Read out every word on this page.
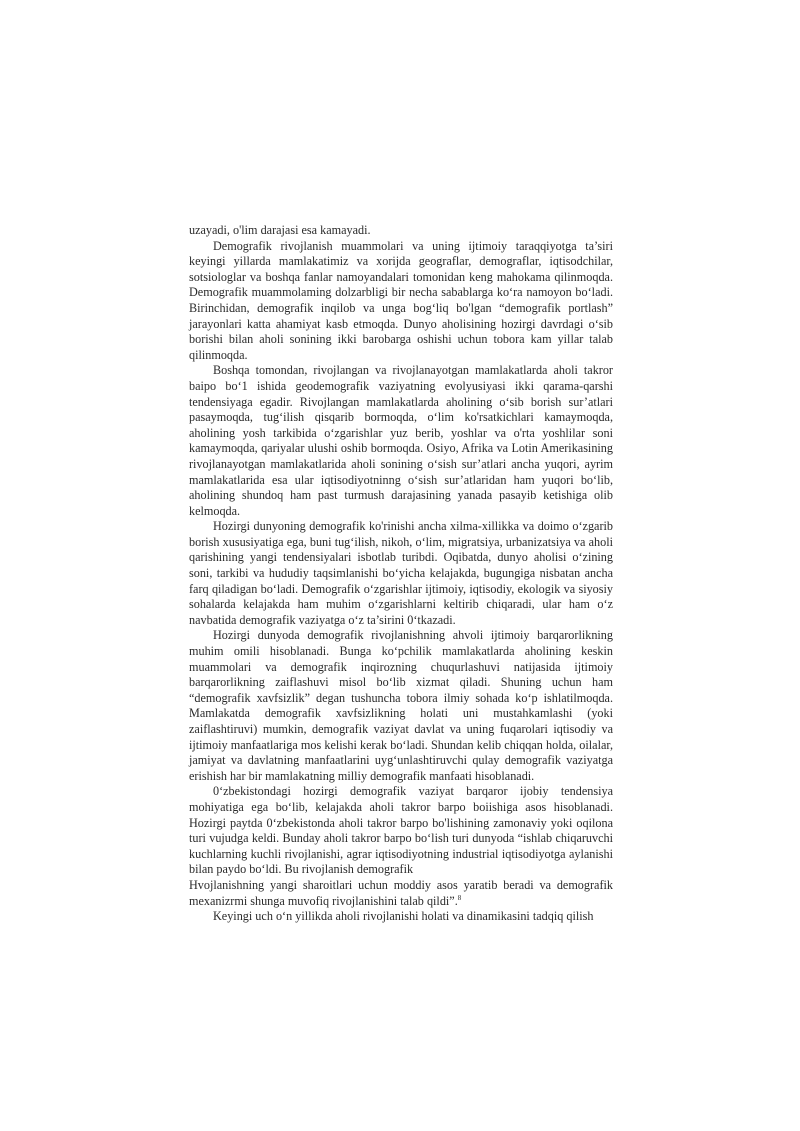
uzayadi, o'lim darajasi esa kamayadi.

Demografik rivojlanish muammolari va uning ijtimoiy taraqqiyotga ta’siri keyingi yillarda mamlakatimiz va xorijda geograflar, demograflar, iqtisodchilar, sotsiologlar va boshqa fanlar namoyandalari tomonidan keng mahokama qilinmoqda. Demografik muammolaming dolzarbligi bir necha sabablarga ko‘ra namoyon bo‘ladi. Birinchidan, demografik inqilob va unga bog‘liq bo'lgan “demografik portlash” jarayonlari katta ahamiyat kasb etmoqda. Dunyo aholisining hozirgi davrdagi o‘sib borishi bilan aholi sonining ikki barobarga oshishi uchun tobora kam yillar talab qilinmoqda.

Boshqa tomondan, rivojlangan va rivojlanayotgan mamlakatlarda aholi takror baipo bo‘1 ishida geodemografik vaziyatning evolyusiyasi ikki qarama-qarshi tendensiyaga egadir. Rivojlangan mamlakatlarda aholining o‘sib borish sur’atlari pasaymoqda, tug‘ilish qisqarib bormoqda, o‘lim ko'rsatkichlari kamaymoqda, aholining yosh tarkibida o‘zgarishlar yuz berib, yoshlar va o'rta yoshlilar soni kamaymoqda, qariyalar ulushi oshib bormoqda. Osiyo, Afrika va Lotin Amerikasining rivojlanayotgan mamlakatlarida aholi sonining o‘sish sur’atlari ancha yuqori, ayrim mamlakatlarida esa ular iqtisodiyotninng o‘sish sur’atlaridan ham yuqori bo‘lib, aholining shundoq ham past turmush darajasining yanada pasayib ketishiga olib kelmoqda.

Hozirgi dunyoning demografik ko'rinishi ancha xilma-xillikka va doimo o‘zgarib borish xususiyatiga ega, buni tug‘ilish, nikoh, o‘lim, migratsiya, urbanizatsiya va aholi qarishining yangi tendensiyalari isbotlab turibdi. Oqibatda, dunyo aholisi o‘zining soni, tarkibi va hududiy taqsimlanishi bo‘yicha kelajakda, bugungiga nisbatan ancha farq qiladigan bo‘ladi. Demografik o‘zgarishlar ijtimoiy, iqtisodiy, ekologik va siyosiy sohalarda kelajakda ham muhim o‘zgarishlarni keltirib chiqaradi, ular ham o‘z navbatida demografik vaziyatga o‘z ta’sirini 0‘tkazadi.

Hozirgi dunyoda demografik rivojlanishning ahvoli ijtimoiy barqarorlikning muhim omili hisoblanadi. Bunga ko‘pchilik mamlakatlarda aholining keskin muammolari va demografik inqirozning chuqurlashuvi natijasida ijtimoiy barqarorlikning zaiflashuvi misol bo‘lib xizmat qiladi. Shuning uchun ham “demografik xavfsizlik” degan tushuncha tobora ilmiy sohada ko‘p ishlatilmoqda. Mamlakatda demografik xavfsizlikning holati uni mustahkamlashi (yoki zaiflashtiruvi) mumkin, demografik vaziyat davlat va uning fuqarolari iqtisodiy va ijtimoiy manfaatlariga mos kelishi kerak bo‘ladi. Shundan kelib chiqqan holda, oilalar, jamiyat va davlatning manfaatlarini uyg‘unlashtiruvchi qulay demografik vaziyatga erishish har bir mamlakatning milliy demografik manfaati hisoblanadi.

0‘zbekistondagi hozirgi demografik vaziyat barqaror ijobiy tendensiya mohiyatiga ega bo‘lib, kelajakda aholi takror barpo boiishiga asos hisoblanadi. Hozirgi paytda 0‘zbekistonda aholi takror barpo bo'lishining zamonaviy yoki oqilona turi vujudga keldi. Bunday aholi takror barpo bo‘lish turi dunyoda “ishlab chiqaruvchi kuchlarning kuchli rivojlanishi, agrar iqtisodiyotning industrial iqtisodiyotga aylanishi bilan paydo bo‘ldi. Bu rivojlanish demografik

Hvojlanishning yangi sharoitlari uchun moddiy asos yaratib beradi va demografik mexanizrmi shunga muvofiq rivojlanishini talab qildi”.$^8$

Keyingi uch o‘n yillikda aholi rivojlanishi holati va dinamikasini tadqiq qilish
